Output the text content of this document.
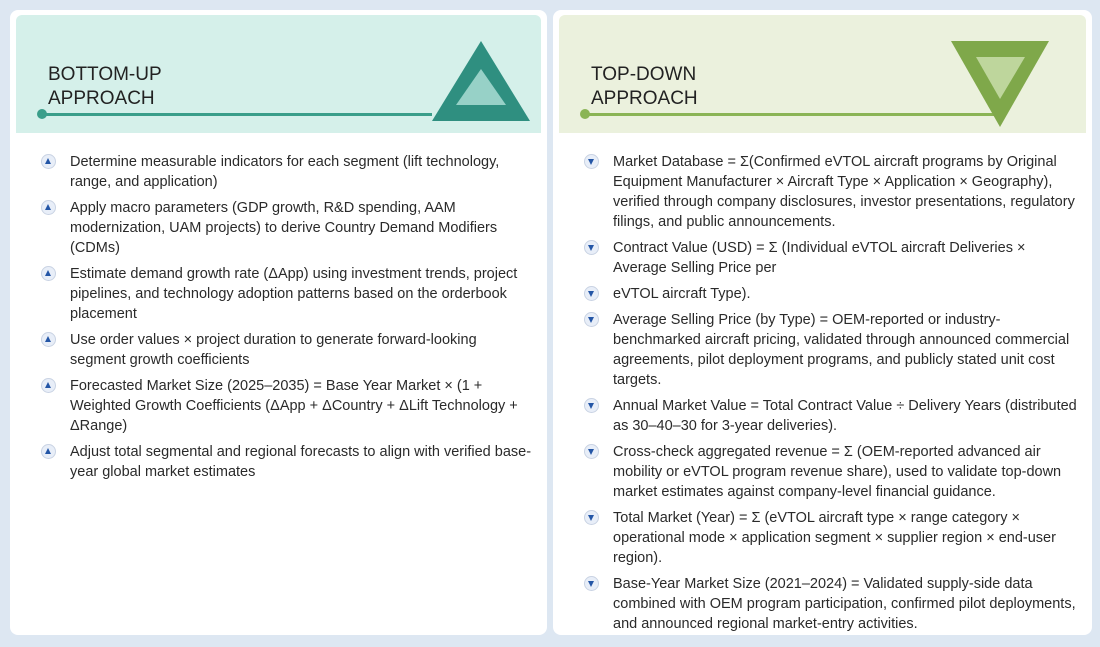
BOTTOM-UP
APPROACH
Determine measurable indicators for each segment (lift technology, range, and application)
Apply macro parameters (GDP growth, R&D spending, AAM modernization, UAM projects) to derive Country Demand Modifiers (CDMs)
Estimate demand growth rate (ΔApp) using investment trends, project pipelines, and technology adoption patterns based on the orderbook placement
Use order values × project duration to generate forward-looking segment growth coefficients
Forecasted Market Size (2025–2035) = Base Year Market × (1 + Weighted Growth Coefficients (ΔApp + ΔCountry + ΔLift Technology + ΔRange)
Adjust total segmental and regional forecasts to align with verified base-year global market estimates
TOP-DOWN
APPROACH
Market Database = Σ(Confirmed eVTOL aircraft programs by Original Equipment Manufacturer × Aircraft Type × Application × Geography), verified through company disclosures, investor presentations, regulatory filings, and public announcements.
Contract Value (USD) = Σ (Individual eVTOL aircraft Deliveries × Average Selling Price per
eVTOL aircraft Type).
Average Selling Price (by Type) = OEM-reported or industry-benchmarked aircraft pricing, validated through announced commercial agreements, pilot deployment programs, and publicly stated unit cost targets.
Annual Market Value = Total Contract Value ÷ Delivery Years (distributed as 30–40–30 for 3-year deliveries).
Cross-check aggregated revenue = Σ (OEM-reported advanced air mobility or eVTOL program revenue share), used to validate top-down market estimates against company-level financial guidance.
Total Market (Year) = Σ (eVTOL aircraft type × range category × operational mode × application segment × supplier region × end-user region).
Base-Year Market Size (2021–2024) = Validated supply-side data combined with OEM program participation, confirmed pilot deployments, and announced regional market-entry activities.
